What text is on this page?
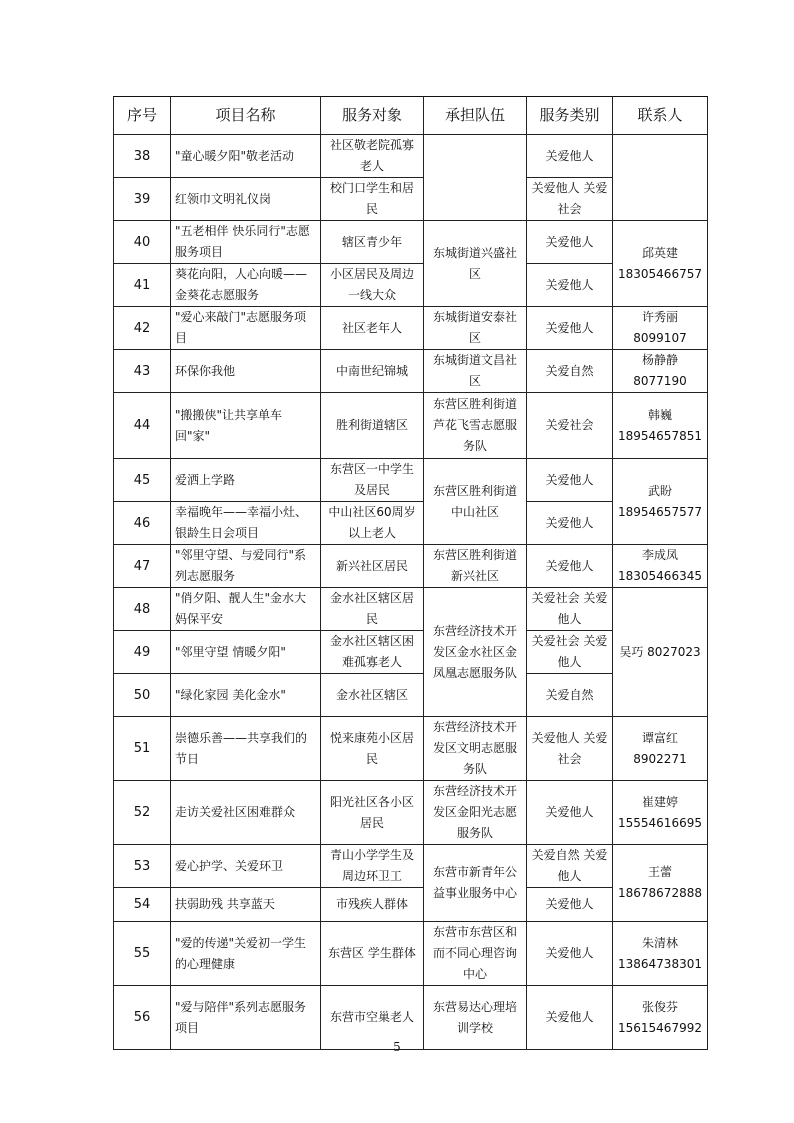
序号	项目名称	服务对象	承担队伍	服务类别	联系人
38	"童心暖夕阳"敬老活动	社区敬老院孤寡老人		关爱他人	
39	红领巾文明礼仪岗	校门口学生和居民		关爱他人 关爱社会	
40	"五老相伴 快乐同行"志愿服务项目	辖区青少年	东城街道兴盛社区	关爱他人	邱英建 18305466757
41	葵花向阳，人心向暖——金葵花志愿服务	小区居民及周边一线大众		关爱他人	
42	"爱心来敲门"志愿服务项目	社区老年人	东城街道安泰社区	关爱他人	许秀丽 8099107
43	环保你我他	中南世纪锦城	东城街道文昌社区	关爱自然	杨静静 8077190
44	"搬搬侠"让共享单车回"家"	胜利街道辖区	东营区胜利街道芦花飞雪志愿服务队	关爱社会	韩巍 18954657851
45	爱洒上学路	东营区一中学生及居民	东营区胜利街道中山社区	关爱他人	武盼 18954657577
46	幸福晚年——幸福小灶、银龄生日会项目	中山社区60周岁以上老人		关爱他人	
47	"邻里守望、与爱同行"系列志愿服务	新兴社区居民	东营区胜利街道新兴社区	关爱他人	李成凤 18305466345
48	"俏夕阳、靓人生"金水大妈保平安	金水社区辖区居民	东营经济技术开发区金水社区金凤凰志愿服务队	关爱社会 关爱他人	吴巧 8027023
49	"邻里守望 情暖夕阳"	金水社区辖区困难孤寡老人		关爱社会 关爱他人	
50	"绿化家园 美化金水"	金水社区辖区		关爱自然	
51	崇德乐善——共享我们的节日	悦来康苑小区居民	东营经济技术开发区文明志愿服务队	关爱他人 关爱社会	谭富红 8902271
52	走访关爱社区困难群众	阳光社区各小区居民	东营经济技术开发区金阳光志愿服务队	关爱他人	崔建婷 15554616695
53	爱心护学、关爱环卫	青山小学学生及周边环卫工	东营市新青年公益事业服务中心	关爱自然 关爱他人	王蕾 18678672888
54	扶弱助残 共享蓝天	市残疾人群体		关爱他人	
55	"爱的传递"关爱初一学生的心理健康	东营区 学生群体	东营市东营区和而不同心理咨询中心	关爱他人	朱清林 13864738301
56	"爱与陪伴"系列志愿服务项目	东营市空巢老人	东营易达心理培训学校	关爱他人	张俊芬 15615467992
5
